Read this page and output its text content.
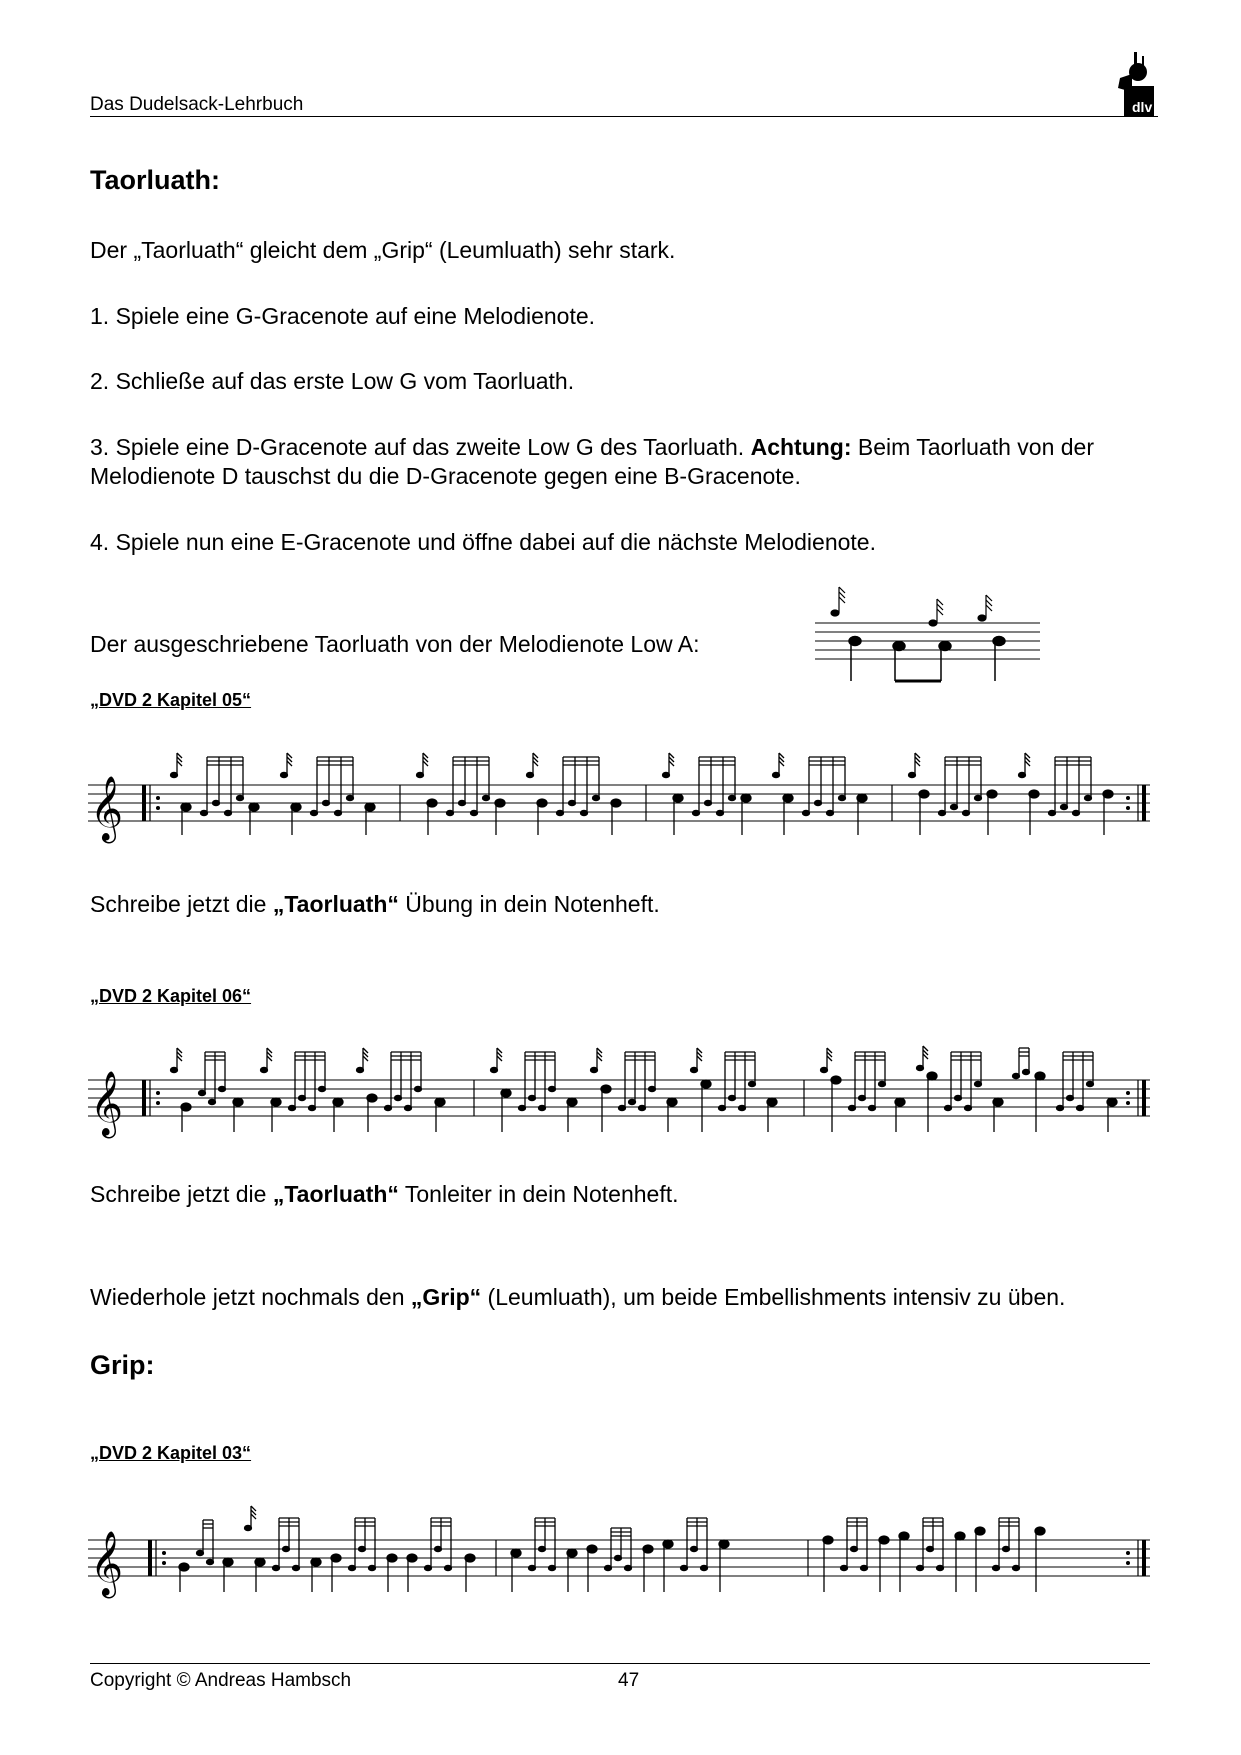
Das Dudelsack-Lehrbuch	dlv
Taorluath:
Der „Taorluath“ gleicht dem „Grip“ (Leumluath) sehr stark.
1. Spiele eine G-Gracenote auf eine Melodienote.
2. Schließe auf das erste Low G vom Taorluath.
3. Spiele eine D-Gracenote auf das zweite Low G des Taorluath. Achtung: Beim Taorluath von der Melodienote D tauschst du die D-Gracenote gegen eine B-Gracenote.
4. Spiele nun eine E-Gracenote und öffne dabei auf die nächste Melodienote.
Der ausgeschriebene Taorluath von der Melodienote Low A:
„DVD 2 Kapitel 05“
𝄞
Schreibe jetzt die „Taorluath“ Übung in dein Notenheft.
„DVD 2 Kapitel 06“
𝄞
Schreibe jetzt die „Taorluath“ Tonleiter in dein Notenheft.
Wiederhole jetzt nochmals den „Grip“ (Leumluath), um beide Embellishments intensiv zu üben.
Grip:
„DVD 2 Kapitel 03“
𝄞
Copyright © Andreas Hambsch	47
